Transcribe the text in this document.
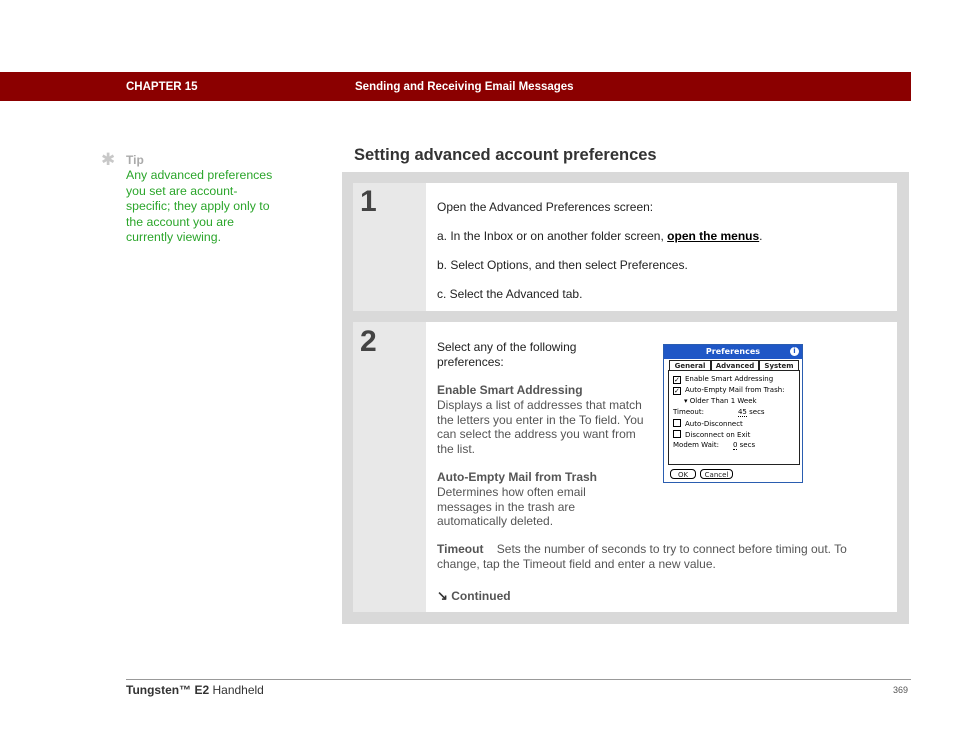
CHAPTER 15	Sending and Receiving Email Messages
✱ Tip
Any advanced preferences you set are account-specific; they apply only to the account you are currently viewing.
Setting advanced account preferences
1	Open the Advanced Preferences screen:
a. In the Inbox or on another folder screen, open the menus.
b. Select Options, and then select Preferences.
c. Select the Advanced tab.
2	Select any of the following preferences:
Enable Smart Addressing
Displays a list of addresses that match the letters you enter in the To field. You can select the address you want from the list.
Auto-Empty Mail from Trash
Determines how often email messages in the trash are automatically deleted.
Timeout Sets the number of seconds to try to connect before timing out. To change, tap the Timeout field and enter a new value.
↘ Continued
Preferences	i
General	Advanced	System
✓ Enable Smart Addressing
✓ Auto-Empty Mail from Trash:
▾ Older Than 1 Week
Timeout:	45 secs
Auto-Disconnect
Disconnect on Exit
Modem Wait: 0 secs
OK	Cancel
Tungsten™ E2 Handheld	369
